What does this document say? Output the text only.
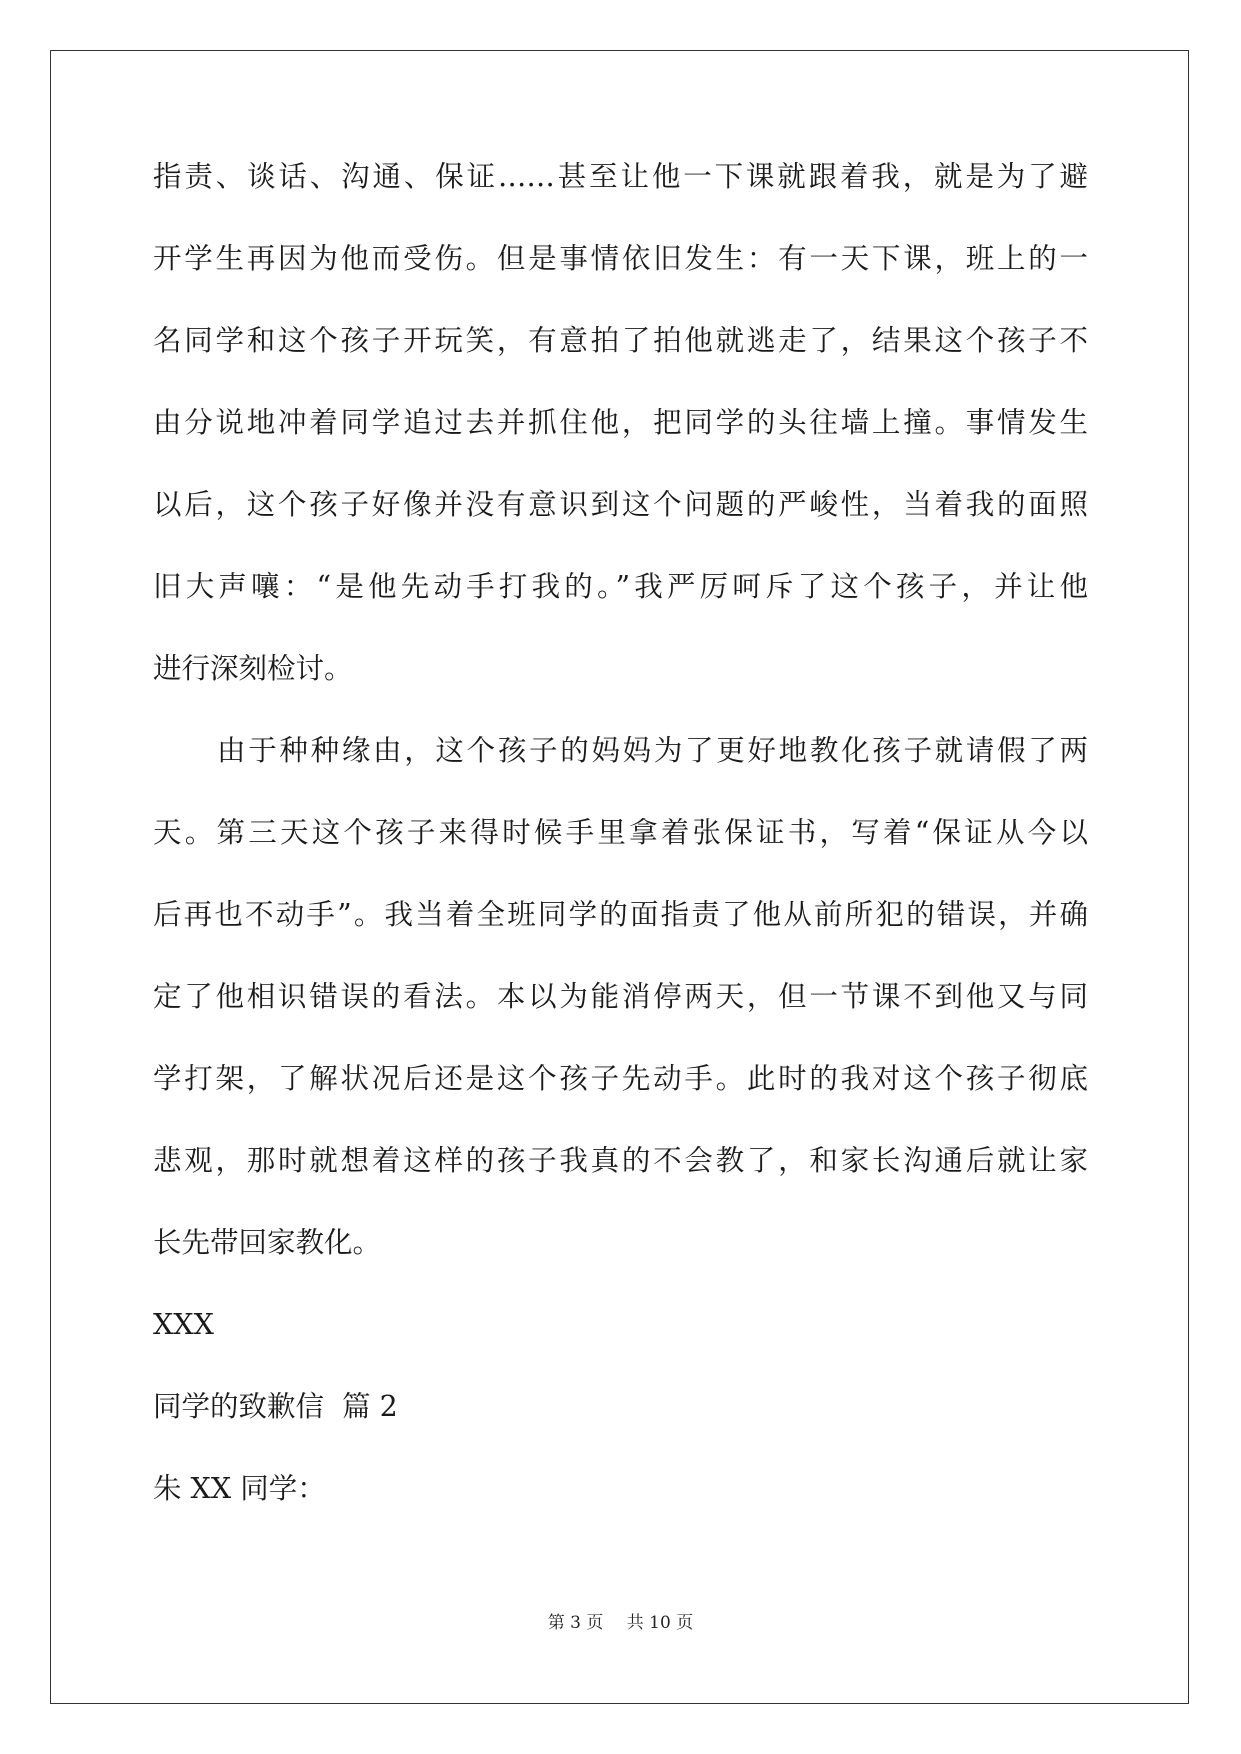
指责、谈话、沟通、保证……甚至让他一下课就跟着我，就是为了避
开学生再因为他而受伤。但是事情依旧发生：有一天下课，班上的一
名同学和这个孩子开玩笑，有意拍了拍他就逃走了，结果这个孩子不
由分说地冲着同学追过去并抓住他，把同学的头往墙上撞。事情发生
以后，这个孩子好像并没有意识到这个问题的严峻性，当着我的面照
旧大声嚷：“是他先动手打我的。”我严厉呵斥了这个孩子，并让他
进行深刻检讨。
由于种种缘由，这个孩子的妈妈为了更好地教化孩子就请假了两
天。第三天这个孩子来得时候手里拿着张保证书，写着“保证从今以
后再也不动手”。我当着全班同学的面指责了他从前所犯的错误，并确
定了他相识错误的看法。本以为能消停两天，但一节课不到他又与同
学打架，了解状况后还是这个孩子先动手。此时的我对这个孩子彻底
悲观，那时就想着这样的孩子我真的不会教了，和家长沟通后就让家
长先带回家教化。
XXX
同学的致歉信  篇 2
朱 XX 同学：
第 3 页 共 10 页
